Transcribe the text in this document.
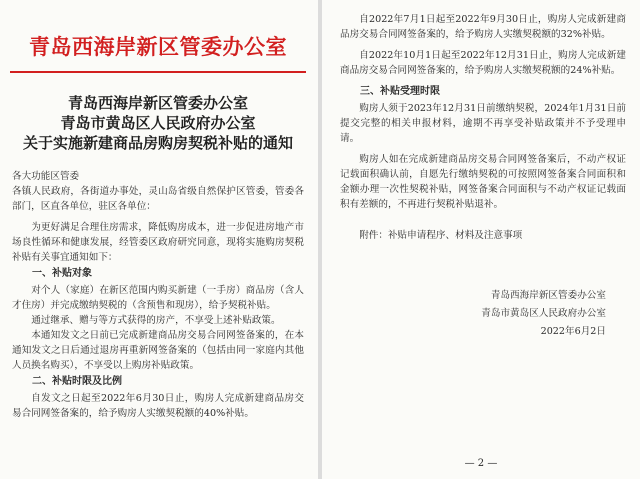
青岛西海岸新区管委办公室
青岛西海岸新区管委办公室
青岛市黄岛区人民政府办公室
关于实施新建商品房购房契税补贴的通知

各大功能区管委

各镇人民政府，各街道办事处，灵山岛省级自然保护区管委，管委各部门，区直各单位，驻区各单位：

为更好满足合理住房需求，降低购房成本，进一步促进房地产市场良性循环和健康发展，经管委区政府研究同意，现将实施购房契税补贴有关事宜通知如下：

一、补贴对象

对个人（家庭）在新区范围内购买新建（一手房）商品房（含人才住房）并完成缴纳契税的（含预售和现房），给予契税补贴。

通过继承、赠与等方式获得的房产，不享受上述补贴政策。

本通知发文之日前已完成新建商品房交易合同网签备案的，在本通知发文之日后通过退房再重新网签备案的（包括由同一家庭内其他人员换名购买），不享受以上购房补贴政策。

二、补贴时限及比例

自发文之日起至2022年6月30日止，购房人完成新建商品房交易合同网签备案的，给予购房人实缴契税额的40%补贴。

自2022年7月1日起至2022年9月30日止，购房人完成新建商品房交易合同网签备案的，给予购房人实缴契税额的32%补贴。

自2022年10月1日起至2022年12月31日止，购房人完成新建商品房交易合同网签备案的，给予购房人实缴契税额的24%补贴。

三、补贴受理时限

购房人须于2023年12月31日前缴纳契税，2024年1月31日前提交完整的相关申报材料，逾期不再享受补贴政策并不予受理申请。

购房人如在完成新建商品房交易合同网签备案后，不动产权证记载面积确认前，自愿先行缴纳契税的可按照网签备案合同面积和金额办理一次性契税补贴，网签备案合同面积与不动产权证记载面积有差额的，不再进行契税补贴退补。

附件：补贴申请程序、材料及注意事项

青岛西海岸新区管委办公室

青岛市黄岛区人民政府办公室

2022年6月2日

— 2 —
